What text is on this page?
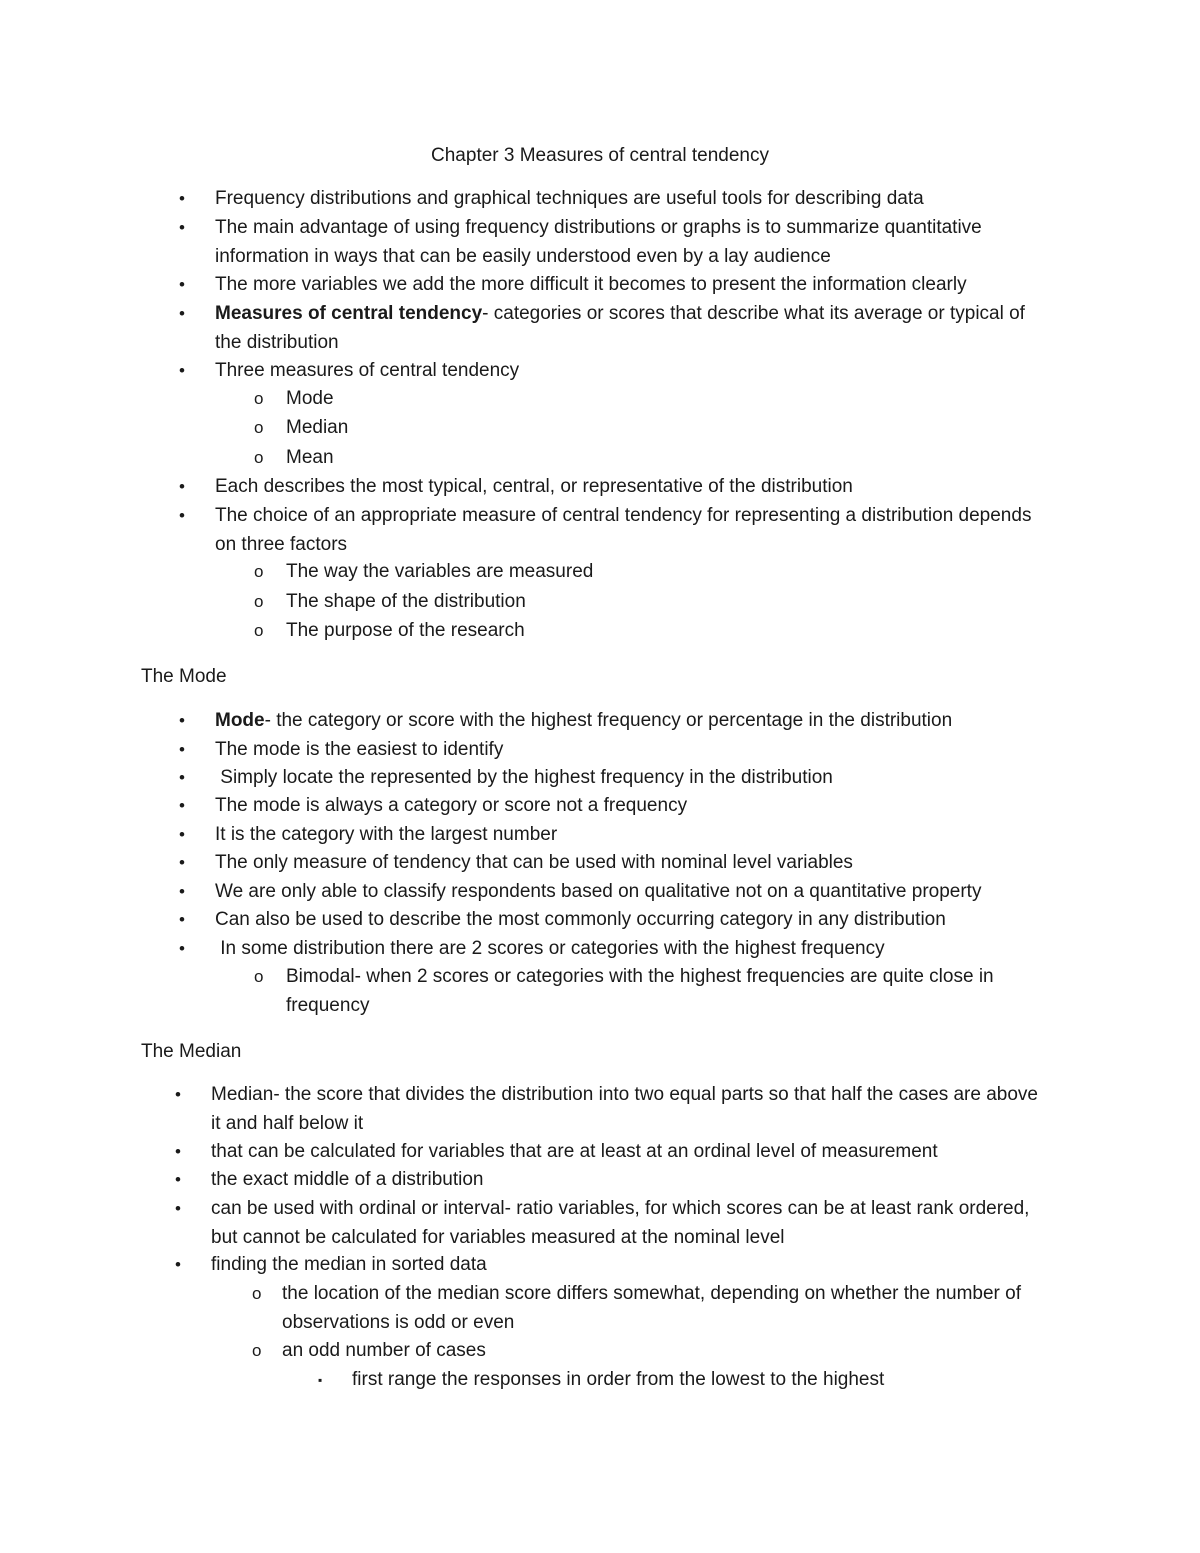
Chapter 3 Measures of central tendency
• Frequency distributions and graphical techniques are useful tools for describing data
• The main advantage of using frequency distributions or graphs is to summarize quantitative information in ways that can be easily understood even by a lay audience
• The more variables we add the more difficult it becomes to present the information clearly
• Measures of central tendency- categories or scores that describe what its average or typical of the distribution
• Three measures of central tendency
o Mode
o Median
o Mean
• Each describes the most typical, central, or representative of the distribution
• The choice of an appropriate measure of central tendency for representing a distribution depends on three factors
o The way the variables are measured
o The shape of the distribution
o The purpose of the research
The Mode
• Mode- the category or score with the highest frequency or percentage in the distribution
• The mode is the easiest to identify
• Simply locate the represented by the highest frequency in the distribution
• The mode is always a category or score not a frequency
• It is the category with the largest number
• The only measure of tendency that can be used with nominal level variables
• We are only able to classify respondents based on qualitative not on a quantitative property
• Can also be used to describe the most commonly occurring category in any distribution
• In some distribution there are 2 scores or categories with the highest frequency
o Bimodal- when 2 scores or categories with the highest frequencies are quite close in frequency
The Median
• Median- the score that divides the distribution into two equal parts so that half the cases are above it and half below it
• that can be calculated for variables that are at least at an ordinal level of measurement
• the exact middle of a distribution
• can be used with ordinal or interval- ratio variables, for which scores can be at least rank ordered, but cannot be calculated for variables measured at the nominal level
• finding the median in sorted data
o the location of the median score differs somewhat, depending on whether the number of observations is odd or even
o an odd number of cases
▪ first range the responses in order from the lowest to the highest
